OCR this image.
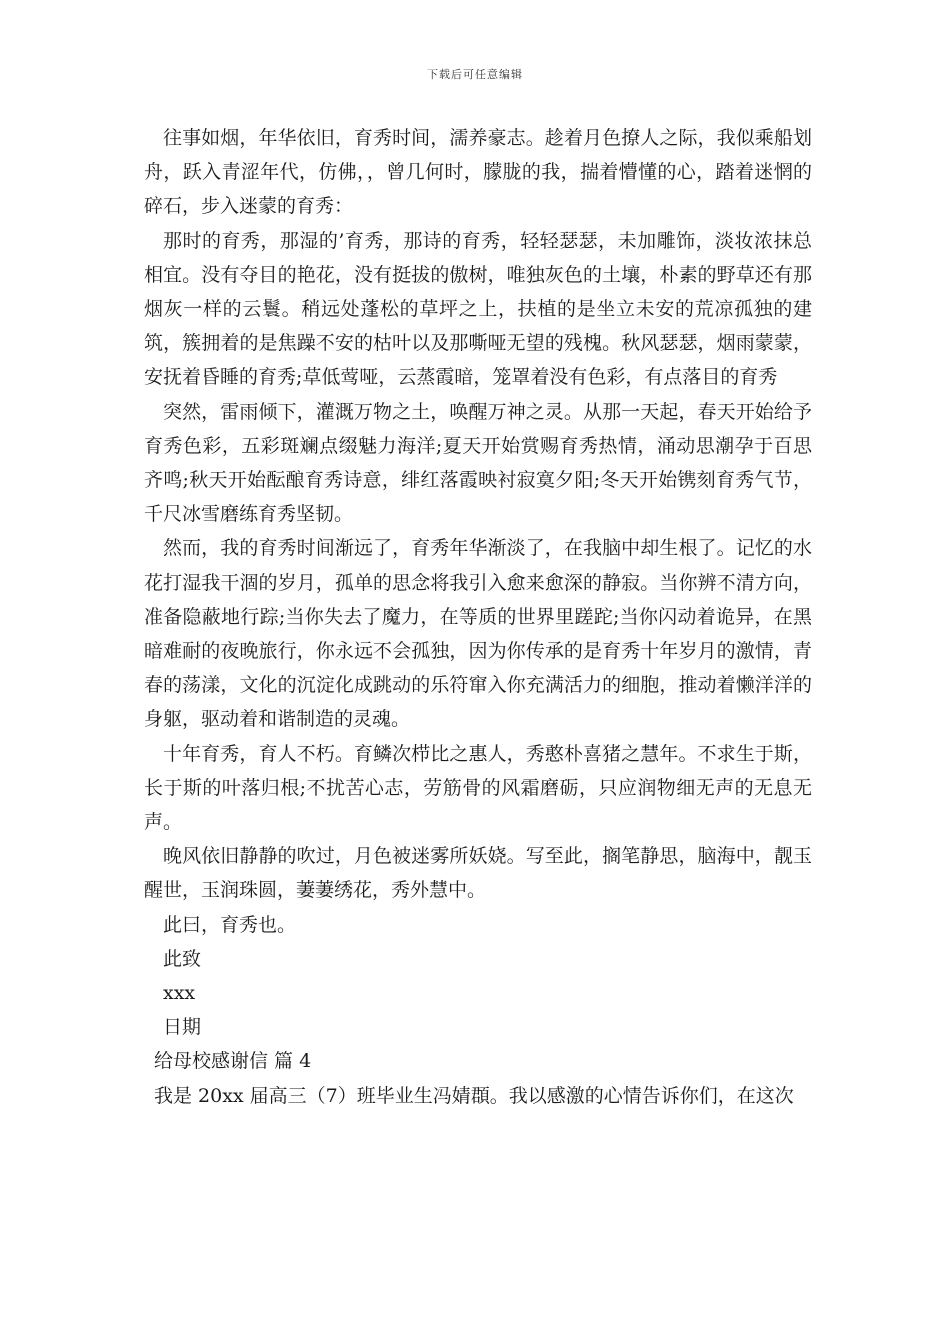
下载后可任意编辑

往事如烟，年华依旧，育秀时间，濡养豪志。趁着月色撩人之际，我似乘船划舟，跃入青涩年代，仿佛，，曾几何时，朦胧的我，揣着懵懂的心，踏着迷惘的碎石，步入迷蒙的育秀：

那时的育秀，那湿的’育秀，那诗的育秀，轻轻瑟瑟，未加雕饰，淡妆浓抹总相宜。没有夺目的艳花，没有挺拔的傲树，唯独灰色的土壤，朴素的野草还有那烟灰一样的云鬟。稍远处蓬松的草坪之上，扶植的是坐立未安的荒凉孤独的建筑，簇拥着的是焦躁不安的枯叶以及那嘶哑无望的残槐。秋风瑟瑟，烟雨蒙蒙，安抚着昏睡的育秀;草低莺哑，云蒸霞暗，笼罩着没有色彩，有点落目的育秀

突然，雷雨倾下，灌溉万物之土，唤醒万神之灵。从那一天起，春天开始给予育秀色彩，五彩斑斓点缀魅力海洋;夏天开始赏赐育秀热情，涌动思潮孕于百思齐鸣;秋天开始酝酿育秀诗意，绯红落霞映衬寂寞夕阳;冬天开始镌刻育秀气节，千尺冰雪磨练育秀坚韧。

然而，我的育秀时间渐远了，育秀年华渐淡了，在我脑中却生根了。记忆的水花打湿我干涸的岁月，孤单的思念将我引入愈来愈深的静寂。当你辨不清方向，准备隐蔽地行踪;当你失去了魔力，在等质的世界里蹉跎;当你闪动着诡异，在黑暗难耐的夜晚旅行，你永远不会孤独，因为你传承的是育秀十年岁月的激情，青春的荡漾，文化的沉淀化成跳动的乐符窜入你充满活力的细胞，推动着懒洋洋的身躯，驱动着和谐制造的灵魂。

十年育秀，育人不朽。育鳞次栉比之惠人，秀憨朴喜猪之慧年。不求生于斯，长于斯的叶落归根;不扰苦心志，劳筋骨的风霜磨砺，只应润物细无声的无息无声。

晚风依旧静静的吹过，月色被迷雾所妖娆。写至此，搁笔静思，脑海中，靓玉醒世，玉润珠圆，萋萋绣花，秀外慧中。

此曰，育秀也。

此致

xxx

日期

给母校感谢信 篇 4

我是 20xx 届高三（7）班毕业生冯婧頵。我以感激的心情告诉你们，在这次
